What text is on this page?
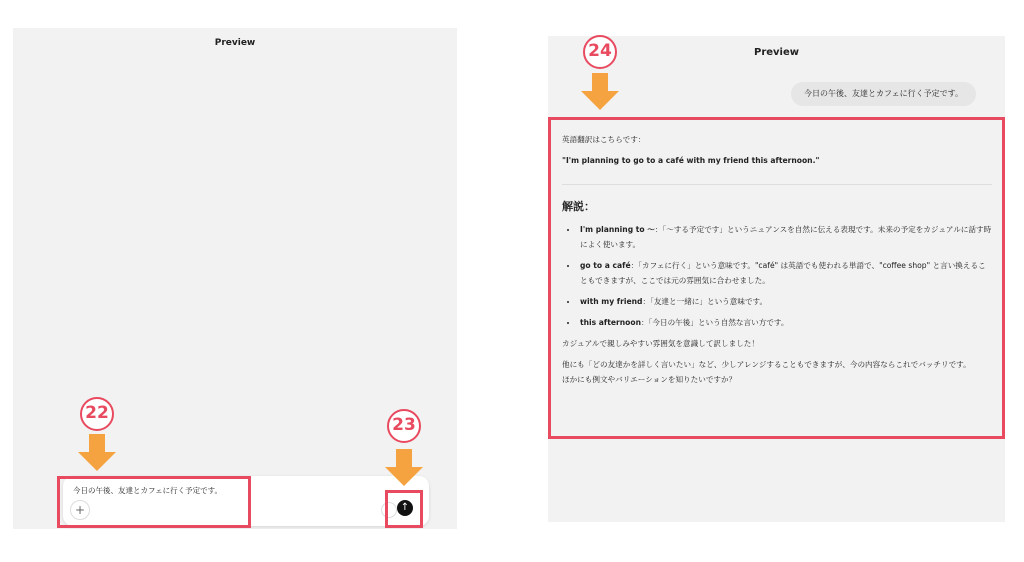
Preview
今日の午後、友達とカフェに行く予定です。
+	↑
Preview
今日の午後、友達とカフェに行く予定です。

英語翻訳はこちらです：

"I'm planning to go to a café with my friend this afternoon."

解説：
• I'm planning to ～：「～する予定です」というニュアンスを自然に伝える表現です。未来の予定をカジュアルに話す時によく使います。
• go to a café：「カフェに行く」という意味です。"café" は英語でも使われる単語で、"coffee shop" と言い換えることもできますが、ここでは元の雰囲気に合わせました。
• with my friend：「友達と一緒に」という意味です。
• this afternoon：「今日の午後」という自然な言い方です。

カジュアルで親しみやすい雰囲気を意識して訳しました！

他にも「どの友達かを詳しく言いたい」など、少しアレンジすることもできますが、今の内容ならこれでバッチリです。

ほかにも例文やバリエーションを知りたいですか？

22
23
24
